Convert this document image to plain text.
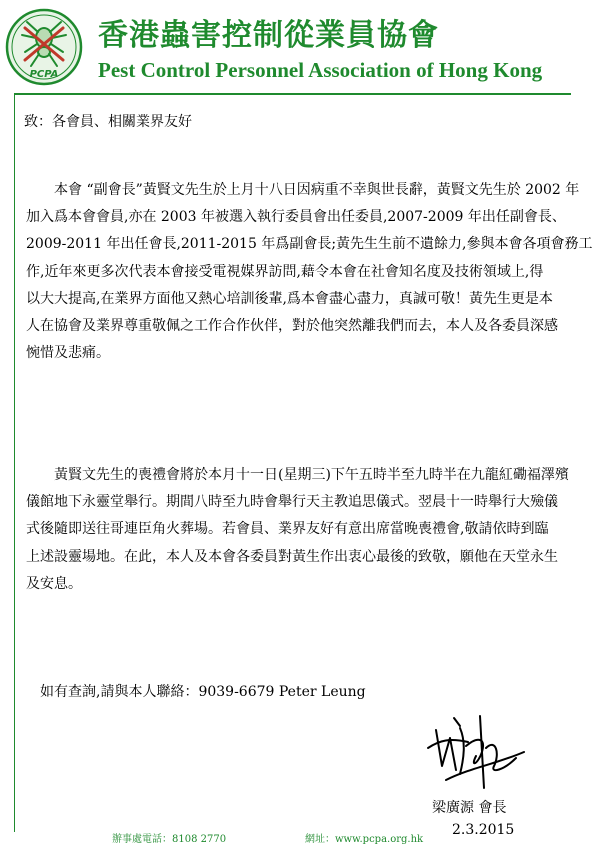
PCPA
香港蟲害控制從業員協會
Pest Control Personnel Association of Hong Kong
致：各會員、相關業界友好

本會 “副會長”黃賢文先生於上月十八日因病重不幸與世長辭，黃賢文先生於 2002 年
加入爲本會會員,亦在 2003 年被選入執行委員會出任委員,2007-2009 年出任副會長、
2009-2011 年出任會長,2011-2015 年爲副會長;黃先生生前不遺餘力,參與本會各項會務工
作,近年來更多次代表本會接受電視媒界訪問,藉令本會在社會知名度及技術領域上,得
以大大提高,在業界方面他又熱心培訓後輩,爲本會盡心盡力，真誠可敬！黃先生更是本
人在協會及業界尊重敬佩之工作合作伙伴，對於他突然離我們而去，本人及各委員深感
惋惜及悲痛。

黃賢文先生的喪禮會將於本月十一日(星期三)下午五時半至九時半在九龍紅磡福澤殯
儀館地下永靈堂舉行。期間八時至九時會舉行天主教追思儀式。翌晨十一時舉行大殮儀
式後隨即送往哥連臣角火葬場。若會員、業界友好有意出席當晚喪禮會,敬請依時到臨
上述設靈場地。在此，本人及本會各委員對黃生作出衷心最後的致敬，願他在天堂永生
及安息。

如有查詢,請與本人聯絡：9039-6679 Peter Leung
梁廣源 會長
2.3.2015
辦事處電話：8108 2770	網址：www.pcpa.org.hk
